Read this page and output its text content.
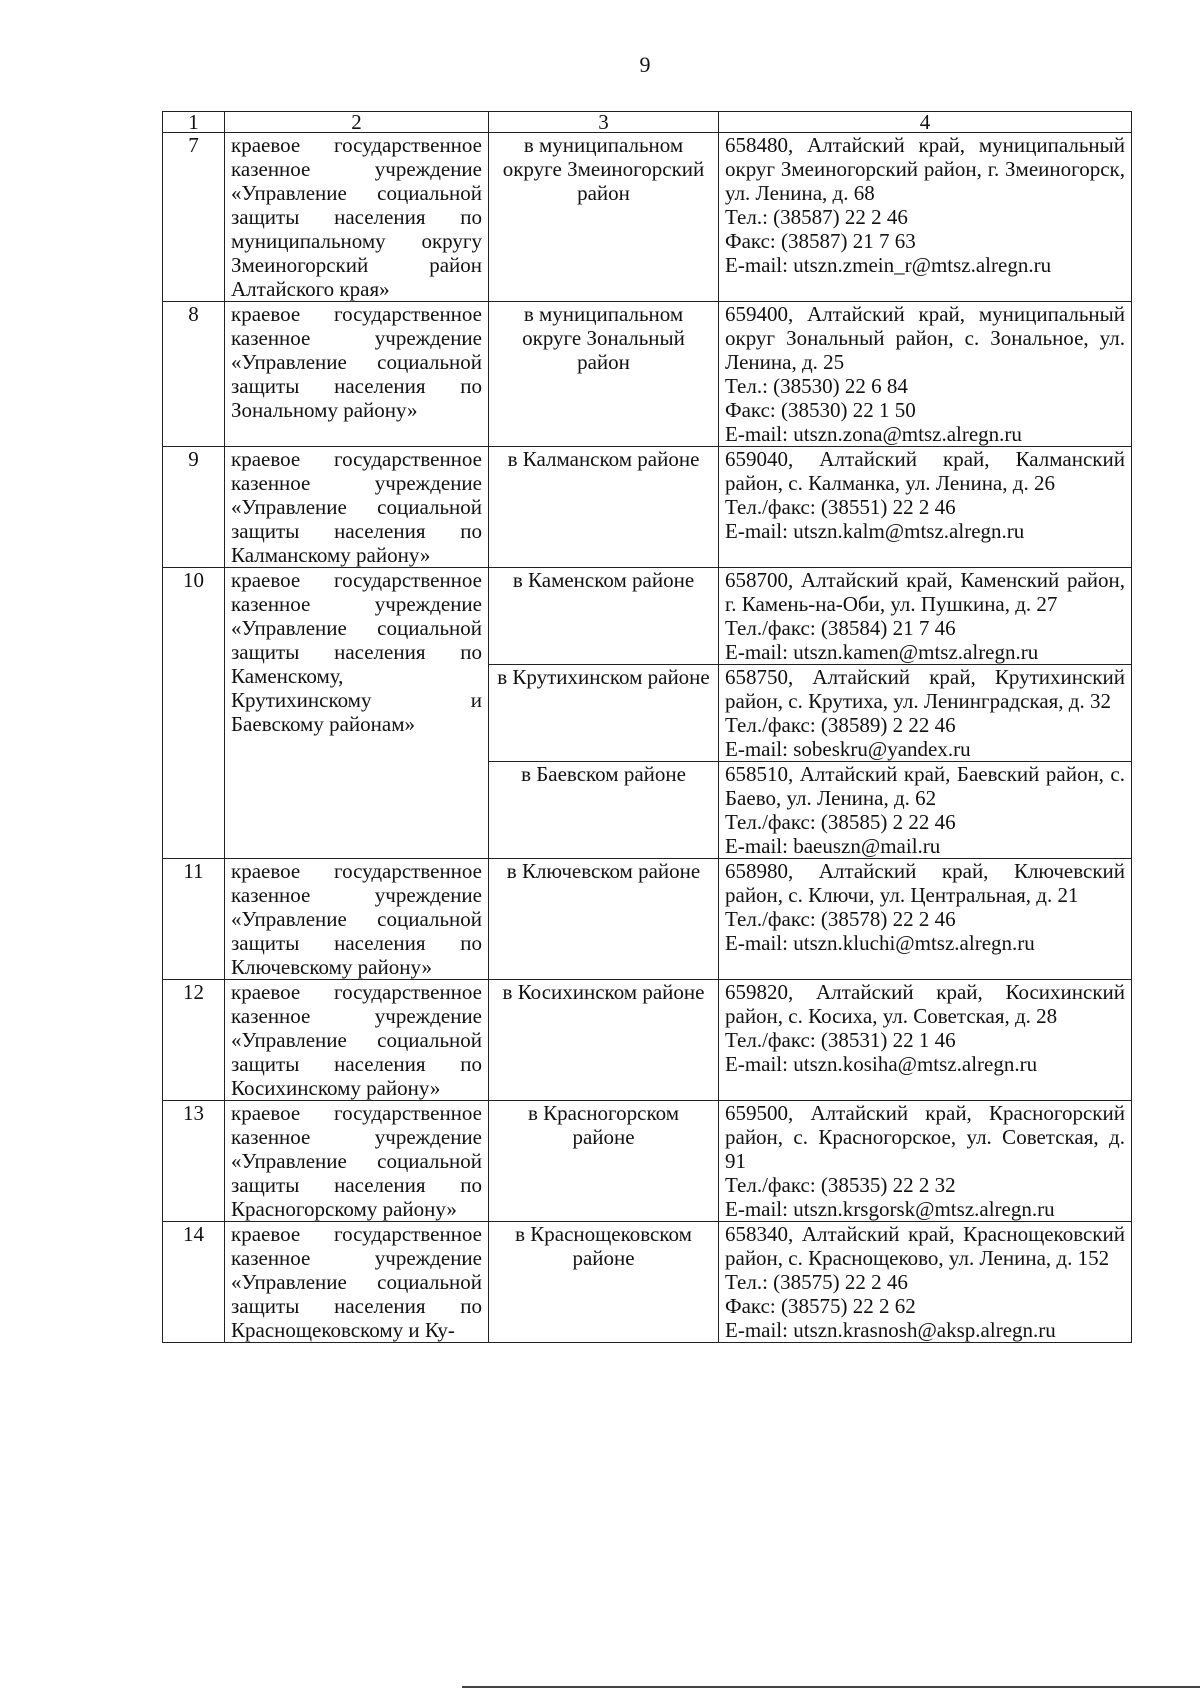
9
1	2	3	4
7	краевое государственное казенное учреждение «Управление социальной защиты населения по муниципальному округу Змеиногорский район Алтайского края»	в муниципальном округе Змеиногорский район	658480, Алтайский край, муниципальный округ Змеиногорский район, г. Змеиногорск, ул. Ленина, д. 68
Тел.: (38587) 22 2 46
Факс: (38587) 21 7 63
E-mail: utszn.zmein_r@mtsz.alregn.ru

8	краевое государственное казенное учреждение «Управление социальной защиты населения по Зональному району»	в муниципальном округе Зональный район	659400, Алтайский край, муниципальный округ Зональный район, с. Зональное, ул. Ленина, д. 25
Тел.: (38530) 22 6 84
Факс: (38530) 22 1 50
E-mail: utszn.zona@mtsz.alregn.ru

9	краевое государственное казенное учреждение «Управление социальной защиты населения по Калманскому району»	в Калманском районе	659040, Алтайский край, Калманский район, с. Калманка, ул. Ленина, д. 26
Тел./факс: (38551) 22 2 46
E-mail: utszn.kalm@mtsz.alregn.ru

10	краевое государственное казенное учреждение «Управление социальной защиты населения по Каменскому, Крутихинскому и Баевскому районам»	в Каменском районе	658700, Алтайский край, Каменский район, г. Камень-на-Оби, ул. Пушкина, д. 27
Тел./факс: (38584) 21 7 46
E-mail: utszn.kamen@mtsz.alregn.ru

		в Крутихинском районе	658750, Алтайский край, Крутихинский район, с. Крутиха, ул. Ленинградская, д. 32
Тел./факс: (38589) 2 22 46
E-mail: sobeskru@yandex.ru

		в Баевском районе	658510, Алтайский край, Баевский район, с. Баево, ул. Ленина, д. 62
Тел./факс: (38585) 2 22 46
E-mail: baeuszn@mail.ru

11	краевое государственное казенное учреждение «Управление социальной защиты населения по Ключевскому району»	в Ключевском районе	658980, Алтайский край, Ключевский район, с. Ключи, ул. Центральная, д. 21
Тел./факс: (38578) 22 2 46
E-mail: utszn.kluchi@mtsz.alregn.ru

12	краевое государственное казенное учреждение «Управление социальной защиты населения по Косихинскому району»	в Косихинском районе	659820, Алтайский край, Косихинский район, с. Косиха, ул. Советская, д. 28
Тел./факс: (38531) 22 1 46
E-mail: utszn.kosiha@mtsz.alregn.ru

13	краевое государственное казенное учреждение «Управление социальной защиты населения по Красногорскому району»	в Красногорском районе	659500, Алтайский край, Красногорский район, с. Красногорское, ул. Советская, д. 91
Тел./факс: (38535) 22 2 32
E-mail: utszn.krsgorsk@mtsz.alregn.ru

14	краевое государственное казенное учреждение «Управление социальной защиты населения по Краснощековскому и Ку-	в Краснощековском районе	658340, Алтайский край, Краснощековский район, с. Краснощеково, ул. Ленина, д. 152
Тел.: (38575) 22 2 46
Факс: (38575) 22 2 62
E-mail: utszn.krasnosh@aksp.alregn.ru
